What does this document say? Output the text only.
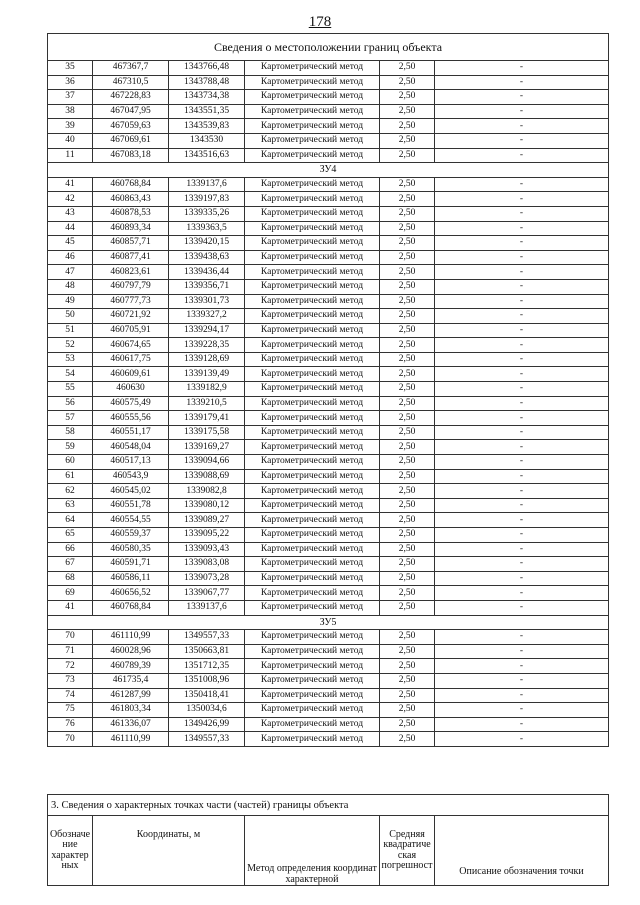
178
Сведения о местоположении границ объекта					
35	467367,7	1343766,48	Картометрический метод	2,50	-
36	467310,5	1343788,48	Картометрический метод	2,50	-
37	467228,83	1343734,38	Картометрический метод	2,50	-
38	467047,95	1343551,35	Картометрический метод	2,50	-
39	467059,63	1343539,83	Картометрический метод	2,50	-
40	467069,61	1343530	Картометрический метод	2,50	-
11	467083,18	1343516,63	Картометрический метод	2,50	-
ЗУ4					
41	460768,84	1339137,6	Картометрический метод	2,50	-
42	460863,43	1339197,83	Картометрический метод	2,50	-
43	460878,53	1339335,26	Картометрический метод	2,50	-
44	460893,34	1339363,5	Картометрический метод	2,50	-
45	460857,71	1339420,15	Картометрический метод	2,50	-
46	460877,41	1339438,63	Картометрический метод	2,50	-
47	460823,61	1339436,44	Картометрический метод	2,50	-
48	460797,79	1339356,71	Картометрический метод	2,50	-
49	460777,73	1339301,73	Картометрический метод	2,50	-
50	460721,92	1339327,2	Картометрический метод	2,50	-
51	460705,91	1339294,17	Картометрический метод	2,50	-
52	460674,65	1339228,35	Картометрический метод	2,50	-
53	460617,75	1339128,69	Картометрический метод	2,50	-
54	460609,61	1339139,49	Картометрический метод	2,50	-
55	460630	1339182,9	Картометрический метод	2,50	-
56	460575,49	1339210,5	Картометрический метод	2,50	-
57	460555,56	1339179,41	Картометрический метод	2,50	-
58	460551,17	1339175,58	Картометрический метод	2,50	-
59	460548,04	1339169,27	Картометрический метод	2,50	-
60	460517,13	1339094,66	Картометрический метод	2,50	-
61	460543,9	1339088,69	Картометрический метод	2,50	-
62	460545,02	1339082,8	Картометрический метод	2,50	-
63	460551,78	1339080,12	Картометрический метод	2,50	-
64	460554,55	1339089,27	Картометрический метод	2,50	-
65	460559,37	1339095,22	Картометрический метод	2,50	-
66	460580,35	1339093,43	Картометрический метод	2,50	-
67	460591,71	1339083,08	Картометрический метод	2,50	-
68	460586,11	1339073,28	Картометрический метод	2,50	-
69	460656,52	1339067,77	Картометрический метод	2,50	-
41	460768,84	1339137,6	Картометрический метод	2,50	-
ЗУ5					
70	461110,99	1349557,33	Картометрический метод	2,50	-
71	460028,96	1350663,81	Картометрический метод	2,50	-
72	460789,39	1351712,35	Картометрический метод	2,50	-
73	461735,4	1351008,96	Картометрический метод	2,50	-
74	461287,99	1350418,41	Картометрический метод	2,50	-
75	461803,34	1350034,6	Картометрический метод	2,50	-
76	461336,07	1349426,99	Картометрический метод	2,50	-
70	461110,99	1349557,33	Картометрический метод	2,50	-
3. Сведения о характерных точках части (частей) границы объекта
Обозначе ние характер ных	Координаты, м	Метод определения координат характерной	Средняя квадратиче ская погрешност	Описание обозначения точки
